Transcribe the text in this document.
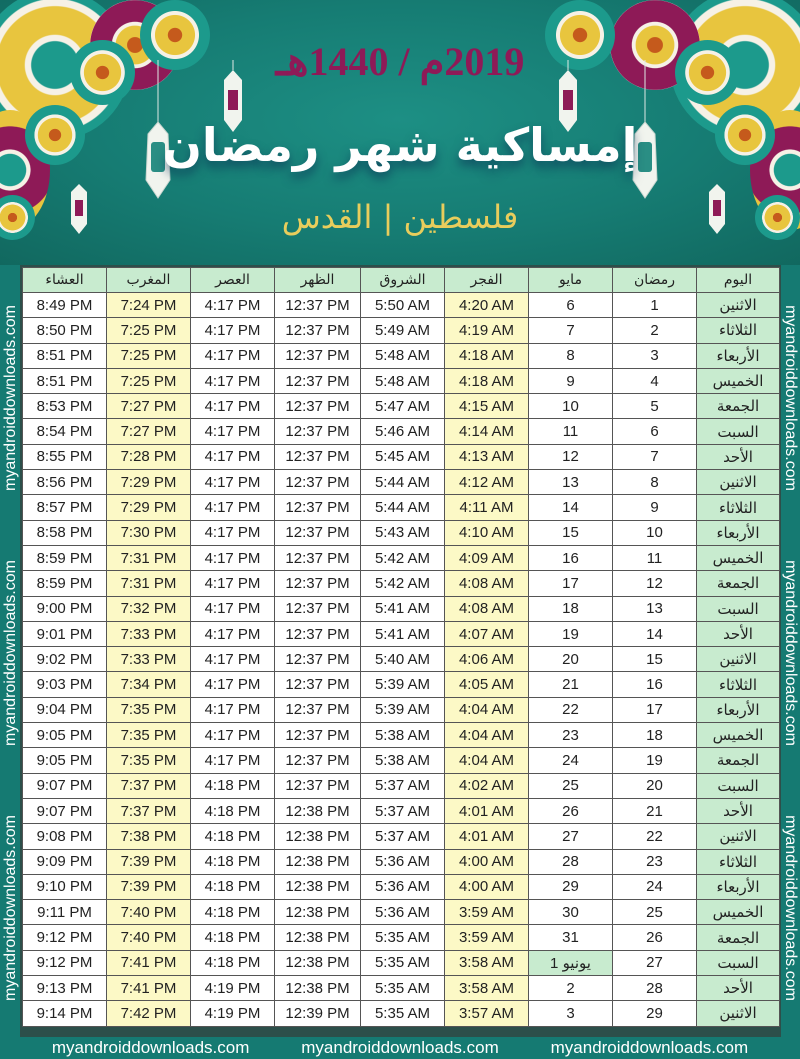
2019م / 1440هـ
إمساكية شهر رمضان
فلسطين | القدس
myandroiddownloads.com
myandroiddownloads.com
myandroiddownloads.com
myandroiddownloads.com
myandroiddownloads.com
myandroiddownloads.com
العشاء	المغرب	العصر	الظهر	الشروق	الفجر	مايو	رمضان	اليوم
8:49 PM	7:24 PM	4:17 PM	12:37 PM	5:50 AM	4:20 AM	6	1	الاثنين
8:50 PM	7:25 PM	4:17 PM	12:37 PM	5:49 AM	4:19 AM	7	2	الثلاثاء
8:51 PM	7:25 PM	4:17 PM	12:37 PM	5:48 AM	4:18 AM	8	3	الأربعاء
8:51 PM	7:25 PM	4:17 PM	12:37 PM	5:48 AM	4:18 AM	9	4	الخميس
8:53 PM	7:27 PM	4:17 PM	12:37 PM	5:47 AM	4:15 AM	10	5	الجمعة
8:54 PM	7:27 PM	4:17 PM	12:37 PM	5:46 AM	4:14 AM	11	6	السبت
8:55 PM	7:28 PM	4:17 PM	12:37 PM	5:45 AM	4:13 AM	12	7	الأحد
8:56 PM	7:29 PM	4:17 PM	12:37 PM	5:44 AM	4:12 AM	13	8	الاثنين
8:57 PM	7:29 PM	4:17 PM	12:37 PM	5:44 AM	4:11 AM	14	9	الثلاثاء
8:58 PM	7:30 PM	4:17 PM	12:37 PM	5:43 AM	4:10 AM	15	10	الأربعاء
8:59 PM	7:31 PM	4:17 PM	12:37 PM	5:42 AM	4:09 AM	16	11	الخميس
8:59 PM	7:31 PM	4:17 PM	12:37 PM	5:42 AM	4:08 AM	17	12	الجمعة
9:00 PM	7:32 PM	4:17 PM	12:37 PM	5:41 AM	4:08 AM	18	13	السبت
9:01 PM	7:33 PM	4:17 PM	12:37 PM	5:41 AM	4:07 AM	19	14	الأحد
9:02 PM	7:33 PM	4:17 PM	12:37 PM	5:40 AM	4:06 AM	20	15	الاثنين
9:03 PM	7:34 PM	4:17 PM	12:37 PM	5:39 AM	4:05 AM	21	16	الثلاثاء
9:04 PM	7:35 PM	4:17 PM	12:37 PM	5:39 AM	4:04 AM	22	17	الأربعاء
9:05 PM	7:35 PM	4:17 PM	12:37 PM	5:38 AM	4:04 AM	23	18	الخميس
9:05 PM	7:35 PM	4:17 PM	12:37 PM	5:38 AM	4:04 AM	24	19	الجمعة
9:07 PM	7:37 PM	4:18 PM	12:37 PM	5:37 AM	4:02 AM	25	20	السبت
9:07 PM	7:37 PM	4:18 PM	12:38 PM	5:37 AM	4:01 AM	26	21	الأحد
9:08 PM	7:38 PM	4:18 PM	12:38 PM	5:37 AM	4:01 AM	27	22	الاثنين
9:09 PM	7:39 PM	4:18 PM	12:38 PM	5:36 AM	4:00 AM	28	23	الثلاثاء
9:10 PM	7:39 PM	4:18 PM	12:38 PM	5:36 AM	4:00 AM	29	24	الأربعاء
9:11 PM	7:40 PM	4:18 PM	12:38 PM	5:36 AM	3:59 AM	30	25	الخميس
9:12 PM	7:40 PM	4:18 PM	12:38 PM	5:35 AM	3:59 AM	31	26	الجمعة
9:12 PM	7:41 PM	4:18 PM	12:38 PM	5:35 AM	3:58 AM	1 يونيو	27	السبت
9:13 PM	7:41 PM	4:19 PM	12:38 PM	5:35 AM	3:58 AM	2	28	الأحد
9:14 PM	7:42 PM	4:19 PM	12:39 PM	5:35 AM	3:57 AM	3	29	الاثنين
myandroiddownloads.com	myandroiddownloads.com	myandroiddownloads.com
